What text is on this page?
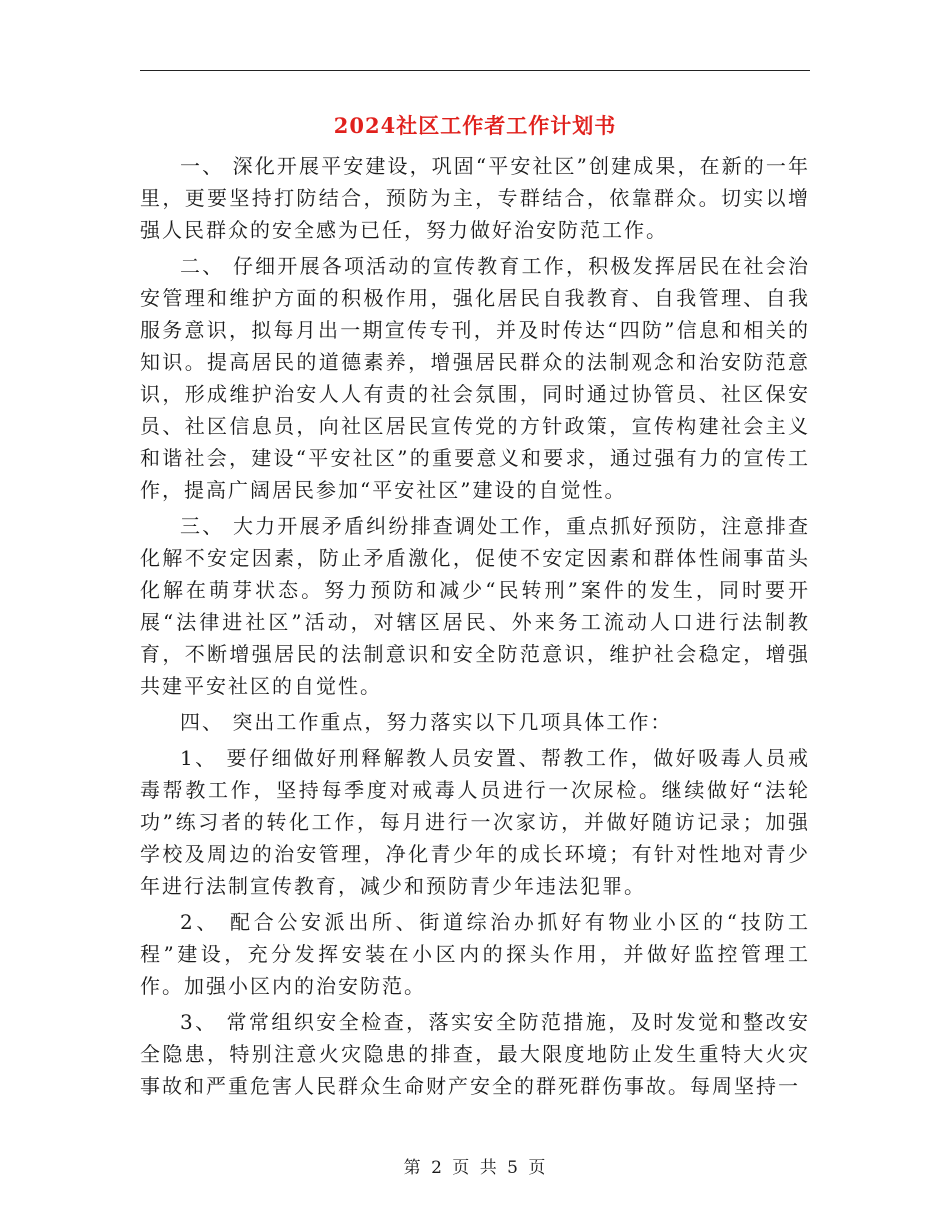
2024社区工作者工作计划书

一、 深化开展平安建设，巩固“平安社区”创建成果，在新的一年里，更要坚持打防结合，预防为主，专群结合，依靠群众。切实以增强人民群众的安全感为已任，努力做好治安防范工作。

二、 仔细开展各项活动的宣传教育工作，积极发挥居民在社会治安管理和维护方面的积极作用，强化居民自我教育、自我管理、自我服务意识，拟每月出一期宣传专刊，并及时传达“四防”信息和相关的知识。提高居民的道德素养，增强居民群众的法制观念和治安防范意识，形成维护治安人人有责的社会氛围，同时通过协管员、社区保安员、社区信息员，向社区居民宣传党的方针政策，宣传构建社会主义和谐社会，建设“平安社区”的重要意义和要求，通过强有力的宣传工作，提高广阔居民参加“平安社区”建设的自觉性。

三、 大力开展矛盾纠纷排查调处工作，重点抓好预防，注意排查化解不安定因素，防止矛盾激化，促使不安定因素和群体性闹事苗头化解在萌芽状态。努力预防和减少“民转刑”案件的发生，同时要开展“法律进社区”活动，对辖区居民、外来务工流动人口进行法制教育，不断增强居民的法制意识和安全防范意识，维护社会稳定，增强共建平安社区的自觉性。

四、 突出工作重点，努力落实以下几项具体工作：

1、 要仔细做好刑释解教人员安置、帮教工作，做好吸毒人员戒毒帮教工作，坚持每季度对戒毒人员进行一次尿检。继续做好“法轮功”练习者的转化工作，每月进行一次家访，并做好随访记录；加强学校及周边的治安管理，净化青少年的成长环境；有针对性地对青少年进行法制宣传教育，减少和预防青少年违法犯罪。

2、 配合公安派出所、街道综治办抓好有物业小区的“技防工程”建设，充分发挥安装在小区内的探头作用，并做好监控管理工作。加强小区内的治安防范。

3、 常常组织安全检查，落实安全防范措施，及时发觉和整改安全隐患，特别注意火灾隐患的排查，最大限度地防止发生重特大火灾事故和严重危害人民群众生命财产安全的群死群伤事故。每周坚持一

第 2 页 共 5 页
